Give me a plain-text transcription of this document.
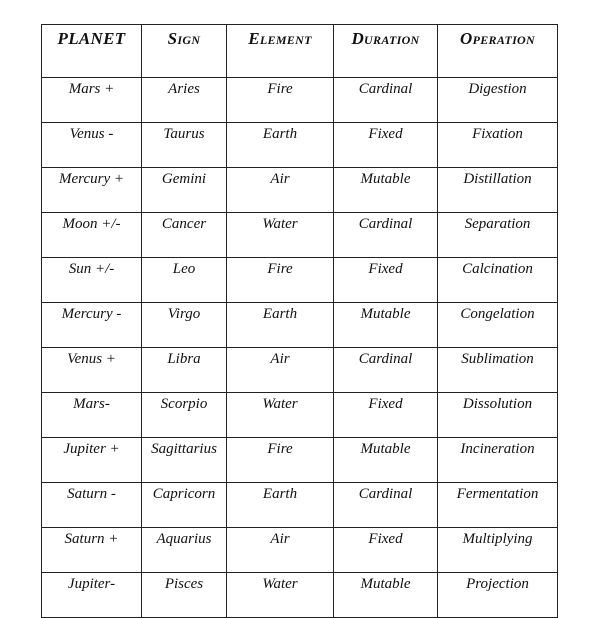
PLANET	Sign	Element	Duration	Operation
Mars +	Aries	Fire	Cardinal	Digestion
Venus -	Taurus	Earth	Fixed	Fixation
Mercury +	Gemini	Air	Mutable	Distillation
Moon +/-	Cancer	Water	Cardinal	Separation
Sun +/-	Leo	Fire	Fixed	Calcination
Mercury -	Virgo	Earth	Mutable	Congelation
Venus +	Libra	Air	Cardinal	Sublimation
Mars-	Scorpio	Water	Fixed	Dissolution
Jupiter +	Sagittarius	Fire	Mutable	Incineration
Saturn -	Capricorn	Earth	Cardinal	Fermentation
Saturn +	Aquarius	Air	Fixed	Multiplying
Jupiter-	Pisces	Water	Mutable	Projection
